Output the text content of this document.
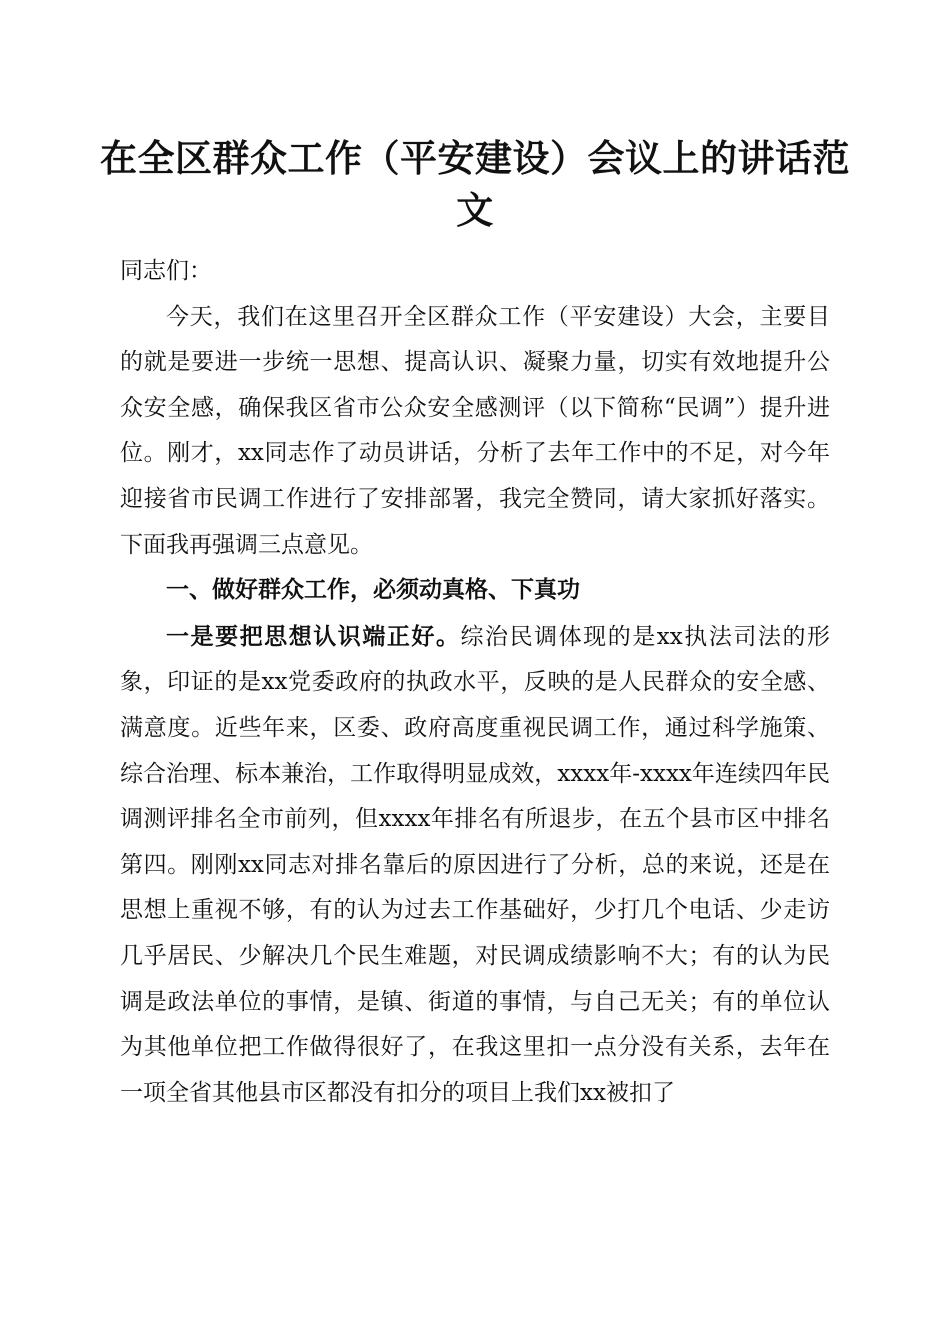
在全区群众工作（平安建设）会议上的讲话范文

同志们：

今天，我们在这里召开全区群众工作（平安建设）大会，主要目的就是要进一步统一思想、提高认识、凝聚力量，切实有效地提升公众安全感，确保我区省市公众安全感测评（以下简称“民调”）提升进位。刚才，xx同志作了动员讲话，分析了去年工作中的不足，对今年迎接省市民调工作进行了安排部署，我完全赞同，请大家抓好落实。下面我再强调三点意见。

一、做好群众工作，必须动真格、下真功

一是要把思想认识端正好。综治民调体现的是xx执法司法的形象，印证的是xx党委政府的执政水平，反映的是人民群众的安全感、满意度。近些年来，区委、政府高度重视民调工作，通过科学施策、综合治理、标本兼治，工作取得明显成效，xxxx年-xxxx年连续四年民调测评排名全市前列，但xxxx年排名有所退步，在五个县市区中排名第四。刚刚xx同志对排名靠后的原因进行了分析，总的来说，还是在思想上重视不够，有的认为过去工作基础好，少打几个电话、少走访几乎居民、少解决几个民生难题，对民调成绩影响不大；有的认为民调是政法单位的事情，是镇、街道的事情，与自己无关；有的单位认为其他单位把工作做得很好了，在我这里扣一点分没有关系，去年在一项全省其他县市区都没有扣分的项目上我们xx被扣了
